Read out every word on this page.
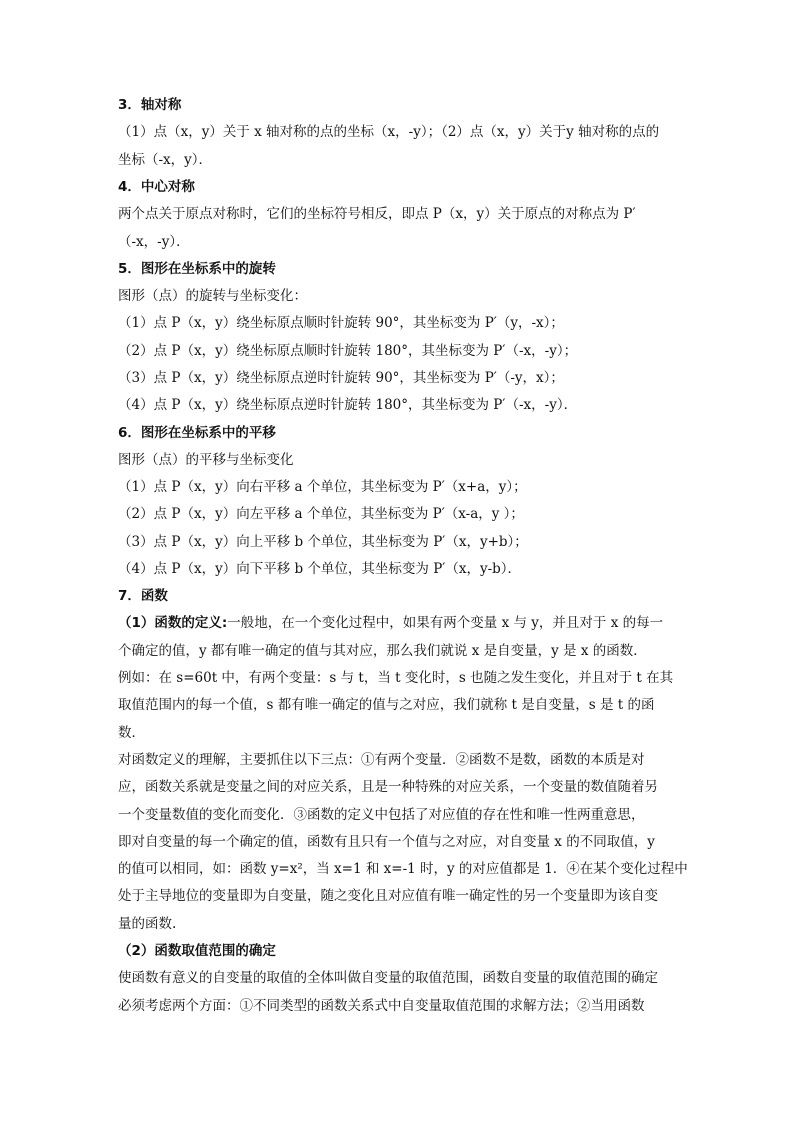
3．轴对称
（1）点（x，y）关于 x 轴对称的点的坐标（x，-y）；（2）点（x，y）关于y 轴对称的点的
坐标（-x，y）．
4．中心对称
两个点关于原点对称时，它们的坐标符号相反，即点 P（x，y）关于原点的对称点为 P′
（-x，-y）．
5．图形在坐标系中的旋转
图形（点）的旋转与坐标变化：
（1）点 P（x，y）绕坐标原点顺时针旋转 90°，其坐标变为 P′（y，-x）；
（2）点 P（x，y）绕坐标原点顺时针旋转 180°，其坐标变为 P′（-x，-y）；
（3）点 P（x，y）绕坐标原点逆时针旋转 90°，其坐标变为 P′（-y，x）；
（4）点 P（x，y）绕坐标原点逆时针旋转 180°，其坐标变为 P′（-x，-y）．
6．图形在坐标系中的平移
图形（点）的平移与坐标变化
（1）点 P（x，y）向右平移 a 个单位，其坐标变为 P′（x+a，y）；
（2）点 P（x，y）向左平移 a 个单位，其坐标变为 P′（x-a，y ）；
（3）点 P（x，y）向上平移 b 个单位，其坐标变为 P′（x，y+b）；
（4）点 P（x，y）向下平移 b 个单位，其坐标变为 P′（x，y-b）．
7．函数
（1）函数的定义:一般地，在一个变化过程中，如果有两个变量 x 与 y，并且对于 x 的每一
个确定的值，y 都有唯一确定的值与其对应，那么我们就说 x 是自变量，y 是 x 的函数．
例如：在 s=60t 中，有两个变量：s 与 t，当 t 变化时，s 也随之发生变化，并且对于 t 在其
取值范围内的每一个值，s 都有唯一确定的值与之对应，我们就称 t 是自变量，s 是 t 的函
数．
对函数定义的理解，主要抓住以下三点：①有两个变量．②函数不是数，函数的本质是对
应，函数关系就是变量之间的对应关系，且是一种特殊的对应关系，一个变量的数值随着另
一个变量数值的变化而变化．③函数的定义中包括了对应值的存在性和唯一性两重意思，
即对自变量的每一个确定的值，函数有且只有一个值与之对应，对自变量 x 的不同取值，y
的值可以相同，如：函数 y=x²，当 x=1 和 x=-1 时，y 的对应值都是 1．④在某个变化过程中
处于主导地位的变量即为自变量，随之变化且对应值有唯一确定性的另一个变量即为该自变
量的函数.
（2）函数取值范围的确定
使函数有意义的自变量的取值的全体叫做自变量的取值范围，函数自变量的取值范围的确定
必须考虑两个方面：①不同类型的函数关系式中自变量取值范围的求解方法；②当用函数
